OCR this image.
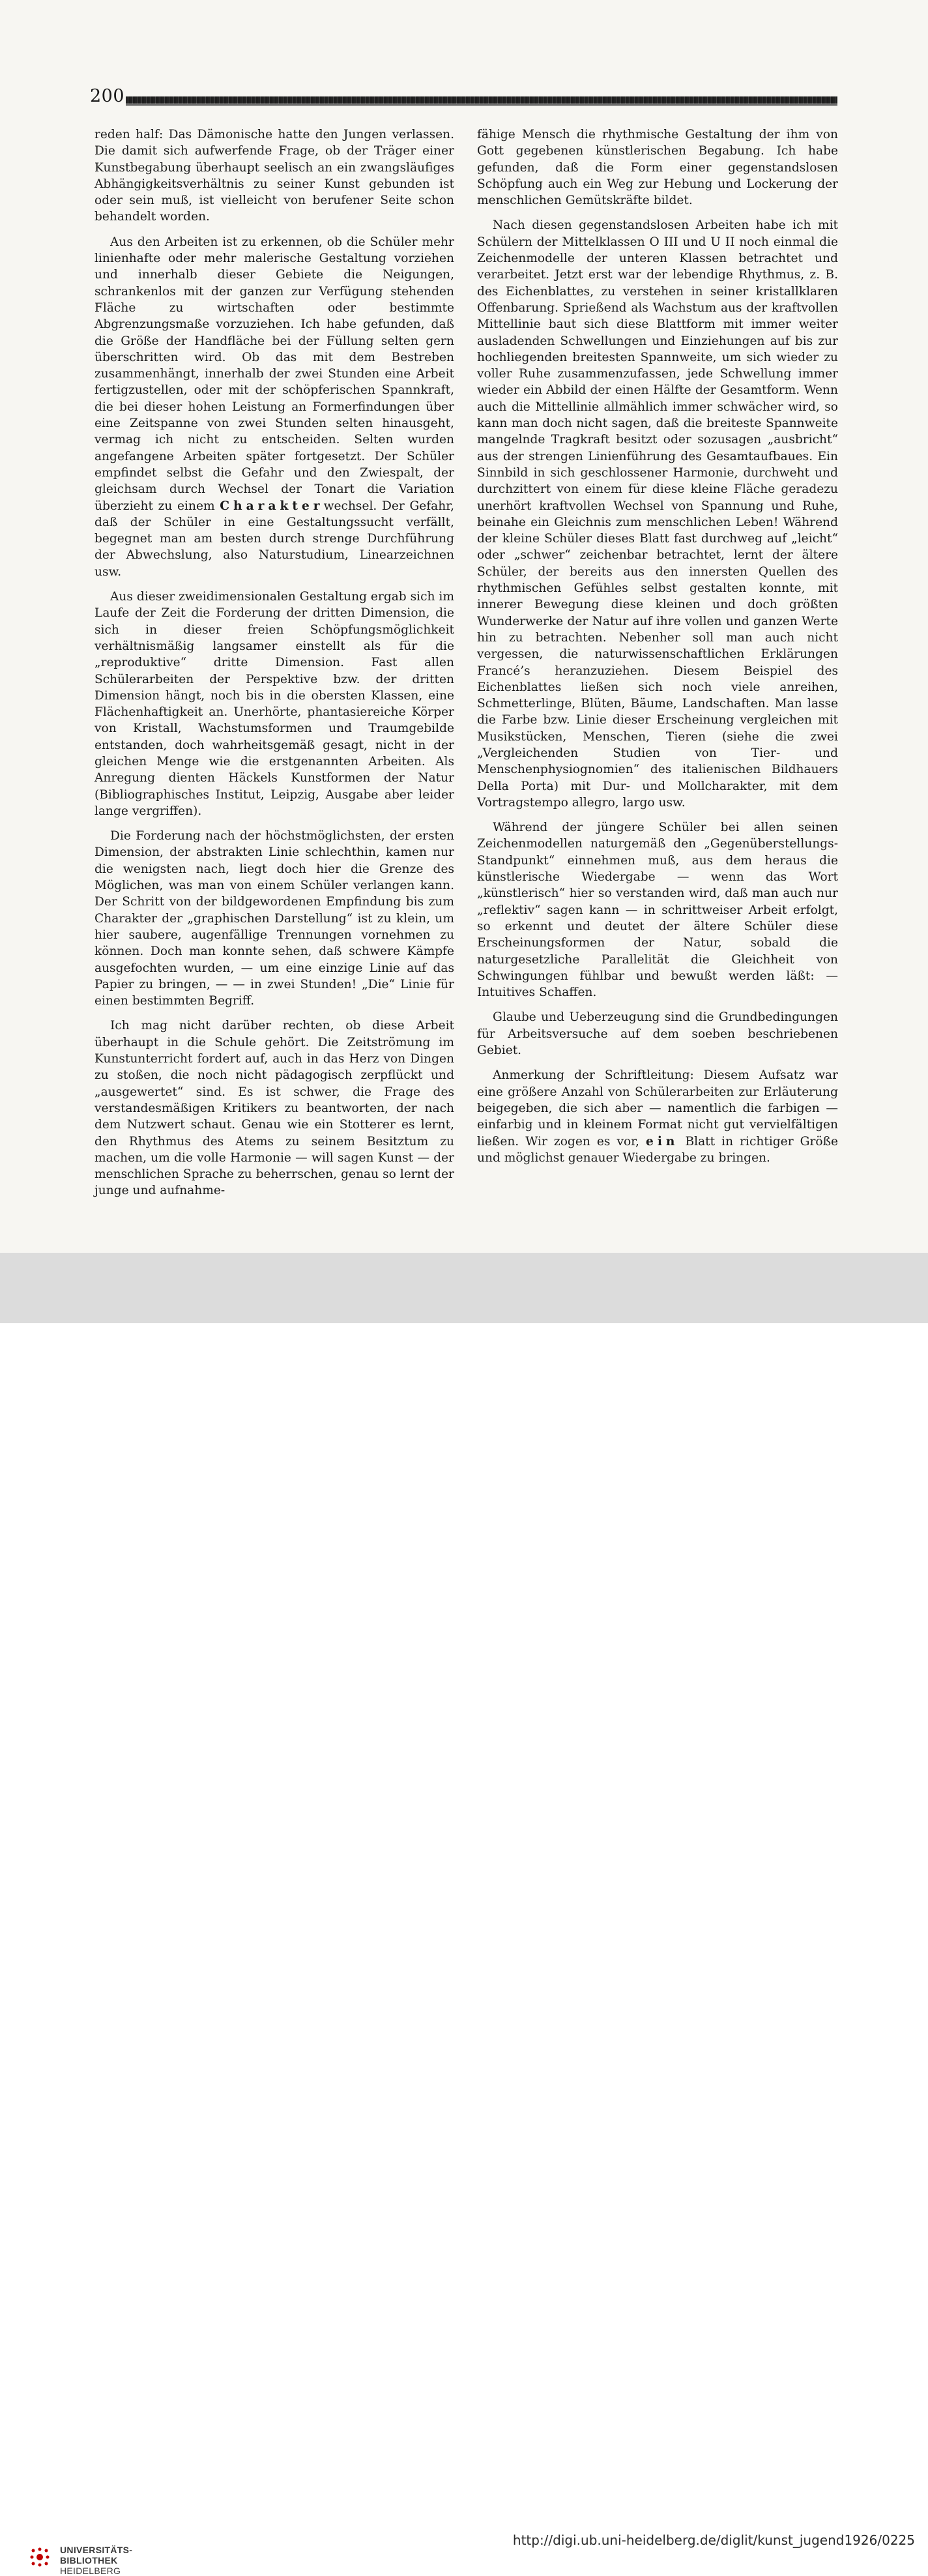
200

reden half: Das Dämonische hatte den Jungen verlassen. Die damit sich aufwerfende Frage, ob der Träger einer Kunstbegabung überhaupt seelisch an ein zwangsläufiges Abhängigkeitsverhältnis zu seiner Kunst gebunden ist oder sein muß, ist vielleicht von berufener Seite schon behandelt worden.

Aus den Arbeiten ist zu erkennen, ob die Schüler mehr linienhafte oder mehr malerische Gestaltung vorziehen und innerhalb dieser Gebiete die Neigungen, schrankenlos mit der ganzen zur Verfügung stehenden Fläche zu wirtschaften oder bestimmte Abgrenzungsmaße vorzuziehen. Ich habe gefunden, daß die Größe der Handfläche bei der Füllung selten gern überschritten wird. Ob das mit dem Bestreben zusammenhängt, innerhalb der zwei Stunden eine Arbeit fertigzustellen, oder mit der schöpferischen Spannkraft, die bei dieser hohen Leistung an Formerfindungen über eine Zeitspanne von zwei Stunden selten hinausgeht, vermag ich nicht zu entscheiden. Selten wurden angefangene Arbeiten später fortgesetzt. Der Schüler empfindet selbst die Gefahr und den Zwiespalt, der gleichsam durch Wechsel der Tonart die Variation überzieht zu einem Charakterwechsel. Der Gefahr, daß der Schüler in eine Gestaltungssucht verfällt, begegnet man am besten durch strenge Durchführung der Abwechslung, also Naturstudium, Linearzeichnen usw.

Aus dieser zweidimensionalen Gestaltung ergab sich im Laufe der Zeit die Forderung der dritten Dimension, die sich in dieser freien Schöpfungsmöglichkeit verhältnismäßig langsamer einstellt als für die „reproduktive“ dritte Dimension. Fast allen Schülerarbeiten der Perspektive bzw. der dritten Dimension hängt, noch bis in die obersten Klassen, eine Flächenhaftigkeit an. Unerhörte, phantasiereiche Körper von Kristall, Wachstumsformen und Traumgebilde entstanden, doch wahrheitsgemäß gesagt, nicht in der gleichen Menge wie die erstgenannten Arbeiten. Als Anregung dienten Häckels Kunstformen der Natur (Bibliographisches Institut, Leipzig, Ausgabe aber leider lange vergriffen).

Die Forderung nach der höchstmöglichsten, der ersten Dimension, der abstrakten Linie schlechthin, kamen nur die wenigsten nach, liegt doch hier die Grenze des Möglichen, was man von einem Schüler verlangen kann. Der Schritt von der bildgewordenen Empfindung bis zum Charakter der „graphischen Darstellung“ ist zu klein, um hier saubere, augenfällige Trennungen vornehmen zu können. Doch man konnte sehen, daß schwere Kämpfe ausgefochten wurden, — um eine einzige Linie auf das Papier zu bringen, — — in zwei Stunden! „Die“ Linie für einen bestimmten Begriff.

Ich mag nicht darüber rechten, ob diese Arbeit überhaupt in die Schule gehört. Die Zeitströmung im Kunstunterricht fordert auf, auch in das Herz von Dingen zu stoßen, die noch nicht pädagogisch zerpflückt und „ausgewertet“ sind. Es ist schwer, die Frage des verstandesmäßigen Kritikers zu beantworten, der nach dem Nutzwert schaut. Genau wie ein Stotterer es lernt, den Rhythmus des Atems zu seinem Besitztum zu machen, um die volle Harmonie — will sagen Kunst — der menschlichen Sprache zu beherrschen, genau so lernt der junge und aufnahme-

fähige Mensch die rhythmische Gestaltung der ihm von Gott gegebenen künstlerischen Begabung. Ich habe gefunden, daß die Form einer gegenstandslosen Schöpfung auch ein Weg zur Hebung und Lockerung der menschlichen Gemütskräfte bildet.

Nach diesen gegenstandslosen Arbeiten habe ich mit Schülern der Mittelklassen O III und U II noch einmal die Zeichenmodelle der unteren Klassen betrachtet und verarbeitet. Jetzt erst war der lebendige Rhythmus, z. B. des Eichenblattes, zu verstehen in seiner kristallklaren Offenbarung. Sprießend als Wachstum aus der kraftvollen Mittellinie baut sich diese Blattform mit immer weiter ausladenden Schwellungen und Einziehungen auf bis zur hochliegenden breitesten Spannweite, um sich wieder zu voller Ruhe zusammenzufassen, jede Schwellung immer wieder ein Abbild der einen Hälfte der Gesamtform. Wenn auch die Mittellinie allmählich immer schwächer wird, so kann man doch nicht sagen, daß die breiteste Spannweite mangelnde Tragkraft besitzt oder sozusagen „ausbricht“ aus der strengen Linienführung des Gesamtaufbaues. Ein Sinnbild in sich geschlossener Harmonie, durchweht und durchzittert von einem für diese kleine Fläche geradezu unerhört kraftvollen Wechsel von Spannung und Ruhe, beinahe ein Gleichnis zum menschlichen Leben! Während der kleine Schüler dieses Blatt fast durchweg auf „leicht“ oder „schwer“ zeichenbar betrachtet, lernt der ältere Schüler, der bereits aus den innersten Quellen des rhythmischen Gefühles selbst gestalten konnte, mit innerer Bewegung diese kleinen und doch größten Wunderwerke der Natur auf ihre vollen und ganzen Werte hin zu betrachten. Nebenher soll man auch nicht vergessen, die naturwissenschaftlichen Erklärungen Francé’s heranzuziehen. Diesem Beispiel des Eichenblattes ließen sich noch viele anreihen, Schmetterlinge, Blüten, Bäume, Landschaften. Man lasse die Farbe bzw. Linie dieser Erscheinung vergleichen mit Musikstücken, Menschen, Tieren (siehe die zwei „Vergleichenden Studien von Tier- und Menschenphysiognomien“ des italienischen Bildhauers Della Porta) mit Dur- und Mollcharakter, mit dem Vortragstempo allegro, largo usw.

Während der jüngere Schüler bei allen seinen Zeichenmodellen naturgemäß den „Gegenüberstellungs-Standpunkt“ einnehmen muß, aus dem heraus die künstlerische Wiedergabe — wenn das Wort „künstlerisch“ hier so verstanden wird, daß man auch nur „reflektiv“ sagen kann — in schrittweiser Arbeit erfolgt, so erkennt und deutet der ältere Schüler diese Erscheinungsformen der Natur, sobald die naturgesetzliche Parallelität die Gleichheit von Schwingungen fühlbar und bewußt werden läßt: — Intuitives Schaffen.

Glaube und Ueberzeugung sind die Grundbedingungen für Arbeitsversuche auf dem soeben beschriebenen Gebiet.

Anmerkung der Schriftleitung: Diesem Aufsatz war eine größere Anzahl von Schülerarbeiten zur Erläuterung beigegeben, die sich aber — namentlich die farbigen — einfarbig und in kleinem Format nicht gut vervielfältigen ließen. Wir zogen es vor, ein Blatt in richtiger Größe und möglichst genauer Wiedergabe zu bringen.

UNIVERSITÄTS-
BIBLIOTHEK
HEIDELBERG
http://digi.ub.uni-heidelberg.de/diglit/kunst_jugend1926/0225
